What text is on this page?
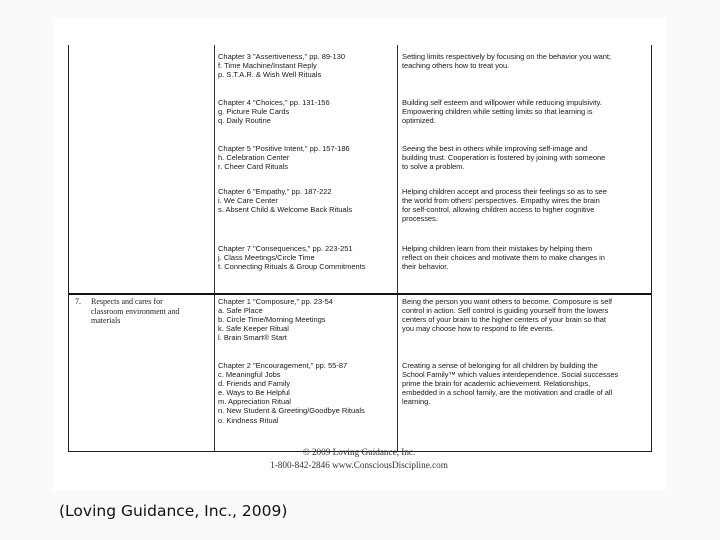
Chapter 3 "Assertiveness," pp. 89-130
f. Time Machine/Instant Reply
p. S.T.A.R. & Wish Well Rituals
Chapter 4 "Choices," pp. 131-156
g. Picture Rule Cards
q. Daily Routine
Chapter 5 "Positive Intent," pp. 157-186
h. Celebration Center
r. Cheer Card Rituals
Chapter 6 "Empathy," pp. 187-222
i. We Care Center
s. Absent Child & Welcome Back Rituals
Chapter 7 "Consequences," pp. 223-251
j. Class Meetings/Circle Time
t. Connecting Rituals & Group Commitments
Setting limits respectively by focusing on the behavior you want;
teaching others how to treat you.
Building self esteem and willpower while reducing impulsivity.
Empowering children while setting limits so that learning is
optimized.
Seeing the best in others while improving self-image and
building trust. Cooperation is fostered by joining with someone
to solve a problem.
Helping children accept and process their feelings so as to see
the world from others' perspectives. Empathy wires the brain
for self-control, allowing children access to higher cognitive
processes.
Helping children learn from their mistakes by helping them
reflect on their choices and motivate them to make changes in
their behavior.
7.	Respects and cares for
classroom environment and
materials
Chapter 1 "Composure," pp. 23-54
a. Safe Place
b. Circle Time/Morning Meetings
k. Safe Keeper Ritual
l. Brain Smart® Start
Chapter 2 "Encouragement," pp. 55-87
c. Meaningful Jobs
d. Friends and Family
e. Ways to Be Helpful
m. Appreciation Ritual
n. New Student & Greeting/Goodbye Rituals
o. Kindness Ritual
Being the person you want others to become. Composure is self
control in action. Self control is guiding yourself from the lowers
centers of your brain to the higher centers of your brain so that
you may choose how to respond to life events.
Creating a sense of belonging for all children by building the
School Family™ which values interdependence. Social successes
prime the brain for academic achievement. Relationships,
embedded in a school family, are the motivation and cradle of all
learning.
© 2009 Loving Guidance, Inc.
1-800-842-2846 www.ConsciousDiscipline.com
(Loving Guidance, Inc., 2009)
